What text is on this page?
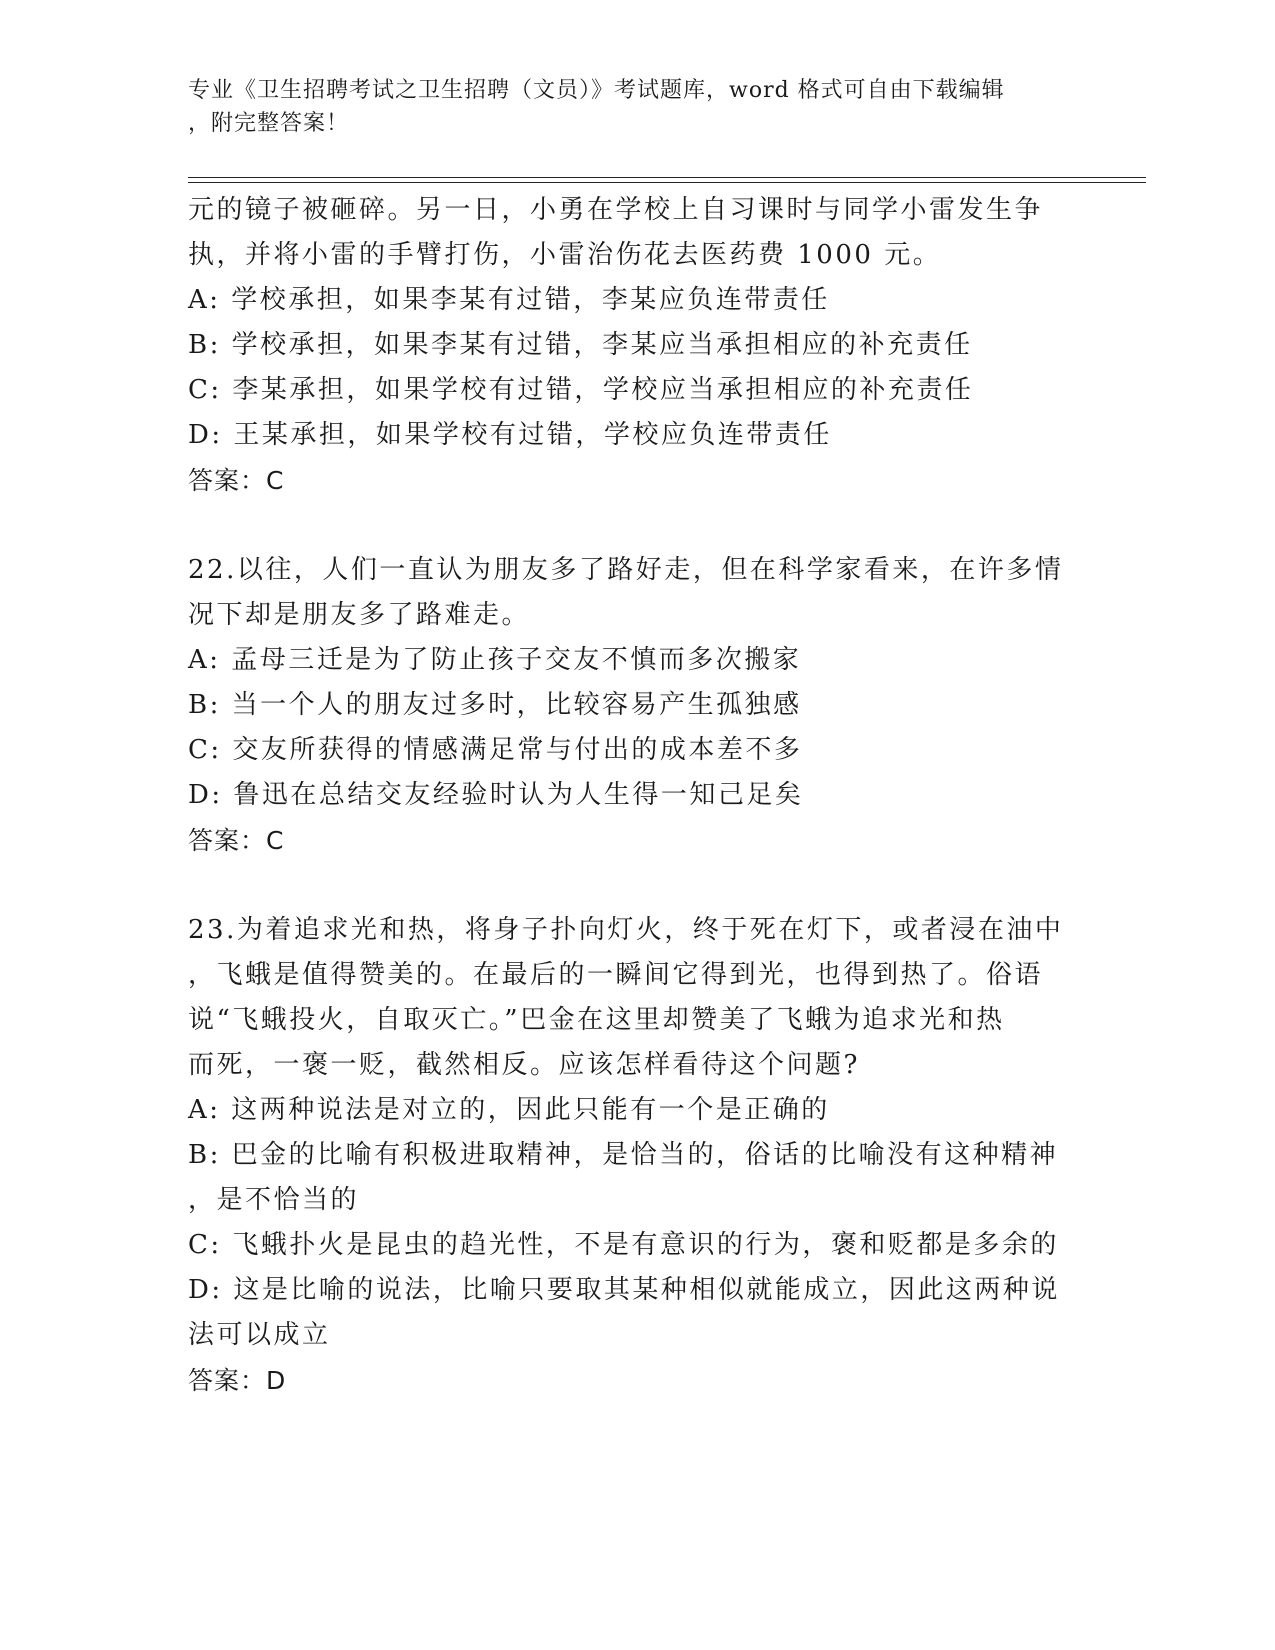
专业《卫生招聘考试之卫生招聘（文员）》考试题库，word 格式可自由下载编辑

，附完整答案！

元的镜子被砸碎。另一日，小勇在学校上自习课时与同学小雷发生争
执，并将小雷的手臂打伤，小雷治伤花去医药费 1000 元。
A: 学校承担，如果李某有过错，李某应负连带责任
B: 学校承担，如果李某有过错，李某应当承担相应的补充责任
C: 李某承担，如果学校有过错，学校应当承担相应的补充责任
D: 王某承担，如果学校有过错，学校应负连带责任
答案：C
22.以往，人们一直认为朋友多了路好走，但在科学家看来，在许多情
况下却是朋友多了路难走。
A: 孟母三迁是为了防止孩子交友不慎而多次搬家
B: 当一个人的朋友过多时，比较容易产生孤独感
C: 交友所获得的情感满足常与付出的成本差不多
D: 鲁迅在总结交友经验时认为人生得一知己足矣
答案：C
23.为着追求光和热，将身子扑向灯火，终于死在灯下，或者浸在油中
，飞蛾是值得赞美的。在最后的一瞬间它得到光，也得到热了。俗语
说“飞蛾投火，自取灭亡。”巴金在这里却赞美了飞蛾为追求光和热
而死，一褒一贬，截然相反。应该怎样看待这个问题?
A: 这两种说法是对立的，因此只能有一个是正确的
B: 巴金的比喻有积极进取精神，是恰当的，俗话的比喻没有这种精神
，是不恰当的
C: 飞蛾扑火是昆虫的趋光性，不是有意识的行为，褒和贬都是多余的
D: 这是比喻的说法，比喻只要取其某种相似就能成立，因此这两种说
法可以成立
答案：D
